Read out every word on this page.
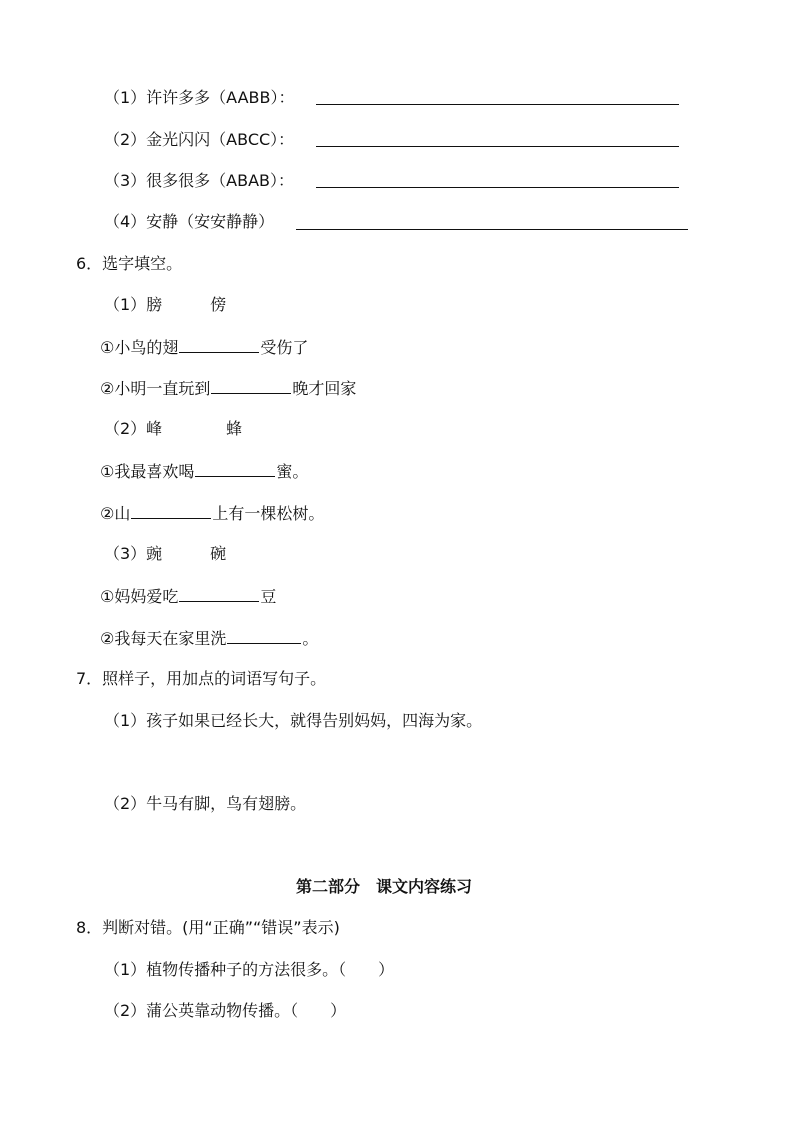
（1）许许多多（AABB）：
（2）金光闪闪（ABCC）：
（3）很多很多（ABAB）：
（4）安静（安安静静）
6．选字填空。
（1）膀　　　傍
①小鸟的翅	受伤了
②小明一直玩到	晚才回家
（2）峰　　　　蜂
①我最喜欢喝	蜜。
②山	上有一棵松树。
（3）豌　　　碗
①妈妈爱吃	豆
②我每天在家里洗	。
7．照样子，用加点的词语写句子。
（1）孩子如果已经长大，就得告别妈妈，四海为家。
（2）牛马有脚，鸟有翅膀。
第二部分　课文内容练习
8．判断对错。(用“正确”“错误”表示)
（1）植物传播种子的方法很多。（　　）
（2）蒲公英靠动物传播。（　　）
